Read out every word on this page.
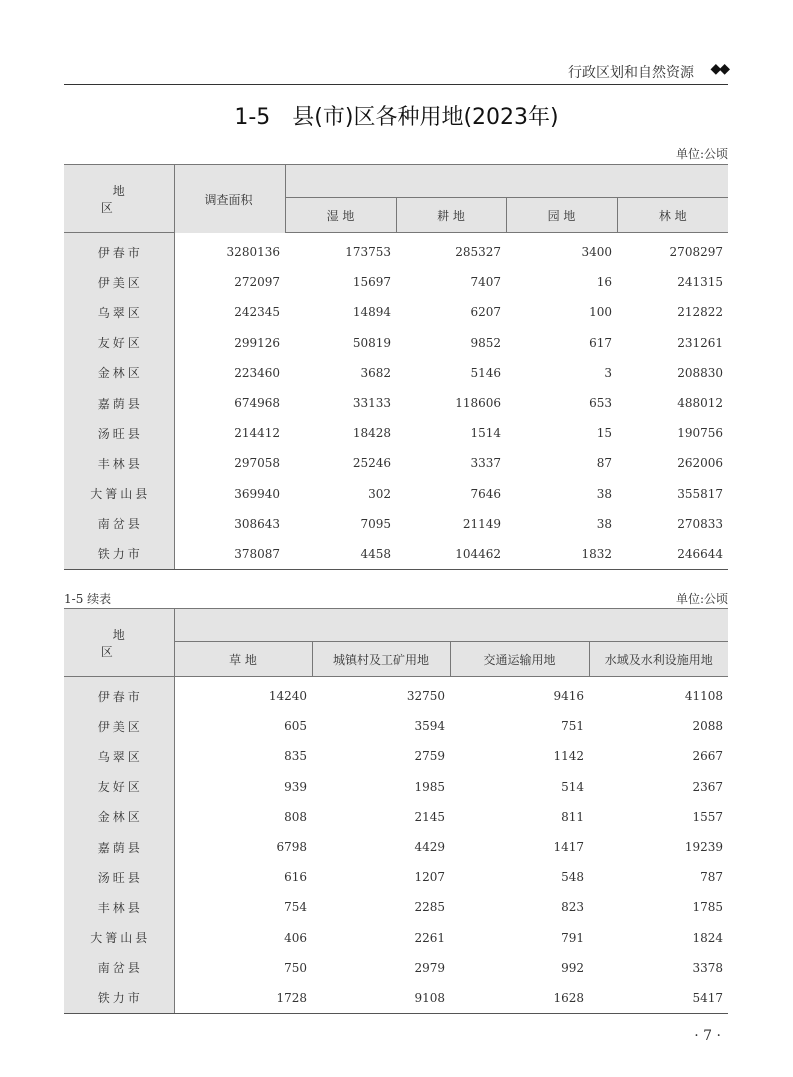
行政区划和自然资源 ◆◆
1-5 县(市)区各种用地(2023年)
单位:公顷
地 区	调查面积				
		湿 地	耕 地	园 地	林 地
伊春市	3280136	173753	285327	3400	2708297
伊美区	272097	15697	7407	16	241315
乌翠区	242345	14894	6207	100	212822
友好区	299126	50819	9852	617	231261
金林区	223460	3682	5146	3	208830
嘉荫县	674968	33133	118606	653	488012
汤旺县	214412	18428	1514	15	190756
丰林县	297058	25246	3337	87	262006
大箐山县	369940	302	7646	38	355817
南岔县	308643	7095	21149	38	270833
铁力市	378087	4458	104462	1832	246644
1-5 续表	单位:公顷
地 区				
	草 地	城镇村及工矿用地	交通运输用地	水域及水利设施用地
伊春市	14240	32750	9416	41108
伊美区	605	3594	751	2088
乌翠区	835	2759	1142	2667
友好区	939	1985	514	2367
金林区	808	2145	811	1557
嘉荫县	6798	4429	1417	19239
汤旺县	616	1207	548	787
丰林县	754	2285	823	1785
大箐山县	406	2261	791	1824
南岔县	750	2979	992	3378
铁力市	1728	9108	1628	5417
· 7 ·
